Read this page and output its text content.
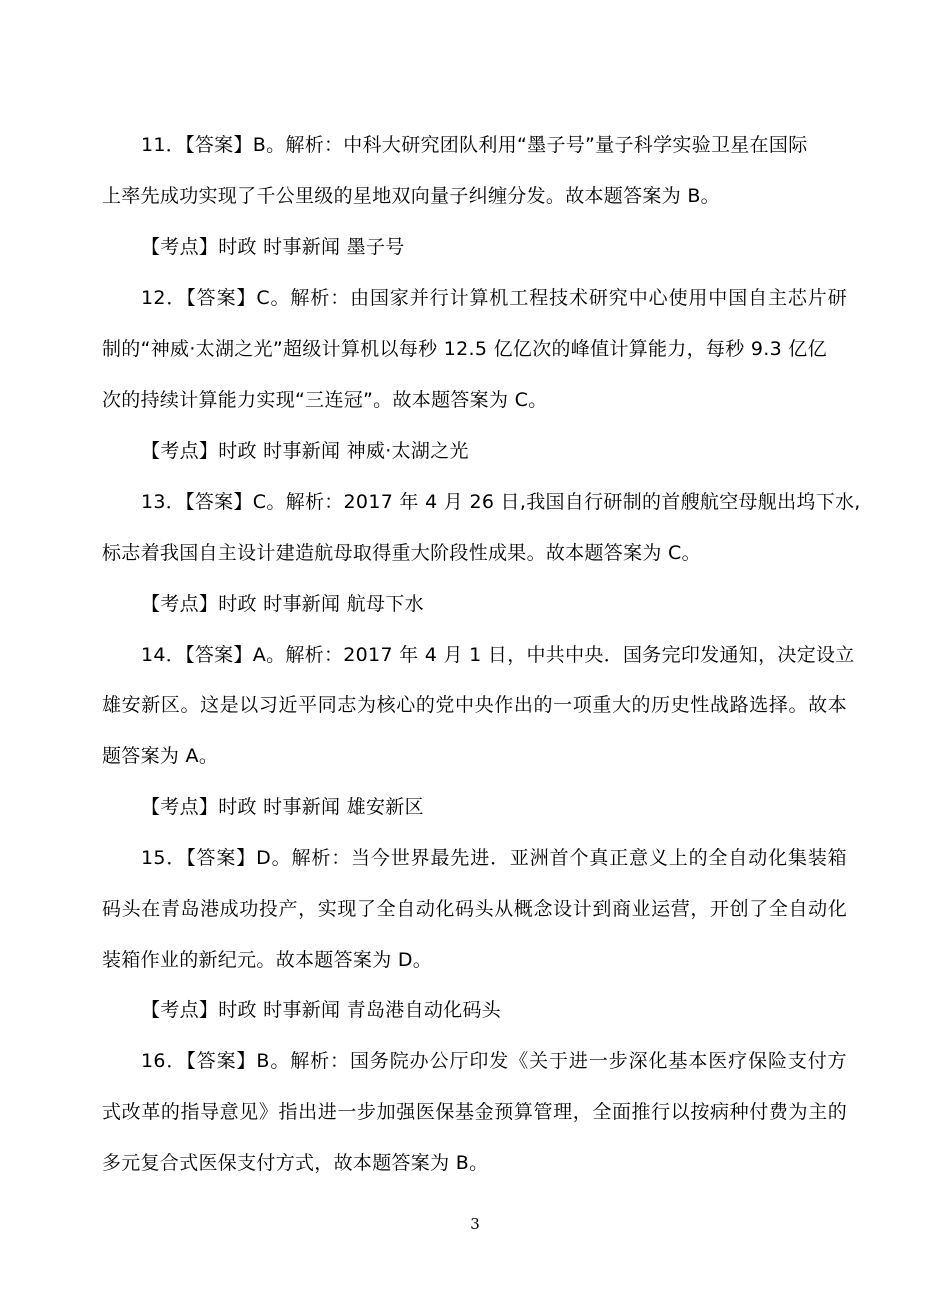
11．【答案】B。解析：中科大研究团队利用“墨子号”量子科学实验卫星在国际
上率先成功实现了千公里级的星地双向量子纠缠分发。故本题答案为 B。
【考点】时政 时事新闻 墨子号
12．【答案】C。解析：由国家并行计算机工程技术研究中心使用中国自主芯片研
制的“神威·太湖之光”超级计算机以每秒 12.5 亿亿次的峰值计算能力，每秒 9.3 亿亿
次的持续计算能力实现“三连冠”。故本题答案为 C。
【考点】时政 时事新闻 神威·太湖之光
13．【答案】C。解析：2017 年 4 月 26 日,我国自行研制的首艘航空母舰出坞下水,
标志着我国自主设计建造航母取得重大阶段性成果。故本题答案为 C。
【考点】时政 时事新闻 航母下水
14．【答案】A。解析：2017 年 4 月 1 日，中共中央．国务完印发通知，决定设立
雄安新区。这是以习近平同志为核心的党中央作出的一项重大的历史性战路选择。故本
题答案为 A。
【考点】时政 时事新闻 雄安新区
15．【答案】D。解析：当今世界最先进．亚洲首个真正意义上的全自动化集装箱
码头在青岛港成功投产，实现了全自动化码头从概念设计到商业运营，开创了全自动化
装箱作业的新纪元。故本题答案为 D。
【考点】时政 时事新闻 青岛港自动化码头
16．【答案】B。解析：国务院办公厅印发《关于进一步深化基本医疗保险支付方
式改革的指导意见》指出进一步加强医保基金预算管理，全面推行以按病种付费为主的
多元复合式医保支付方式，故本题答案为 B。
3
